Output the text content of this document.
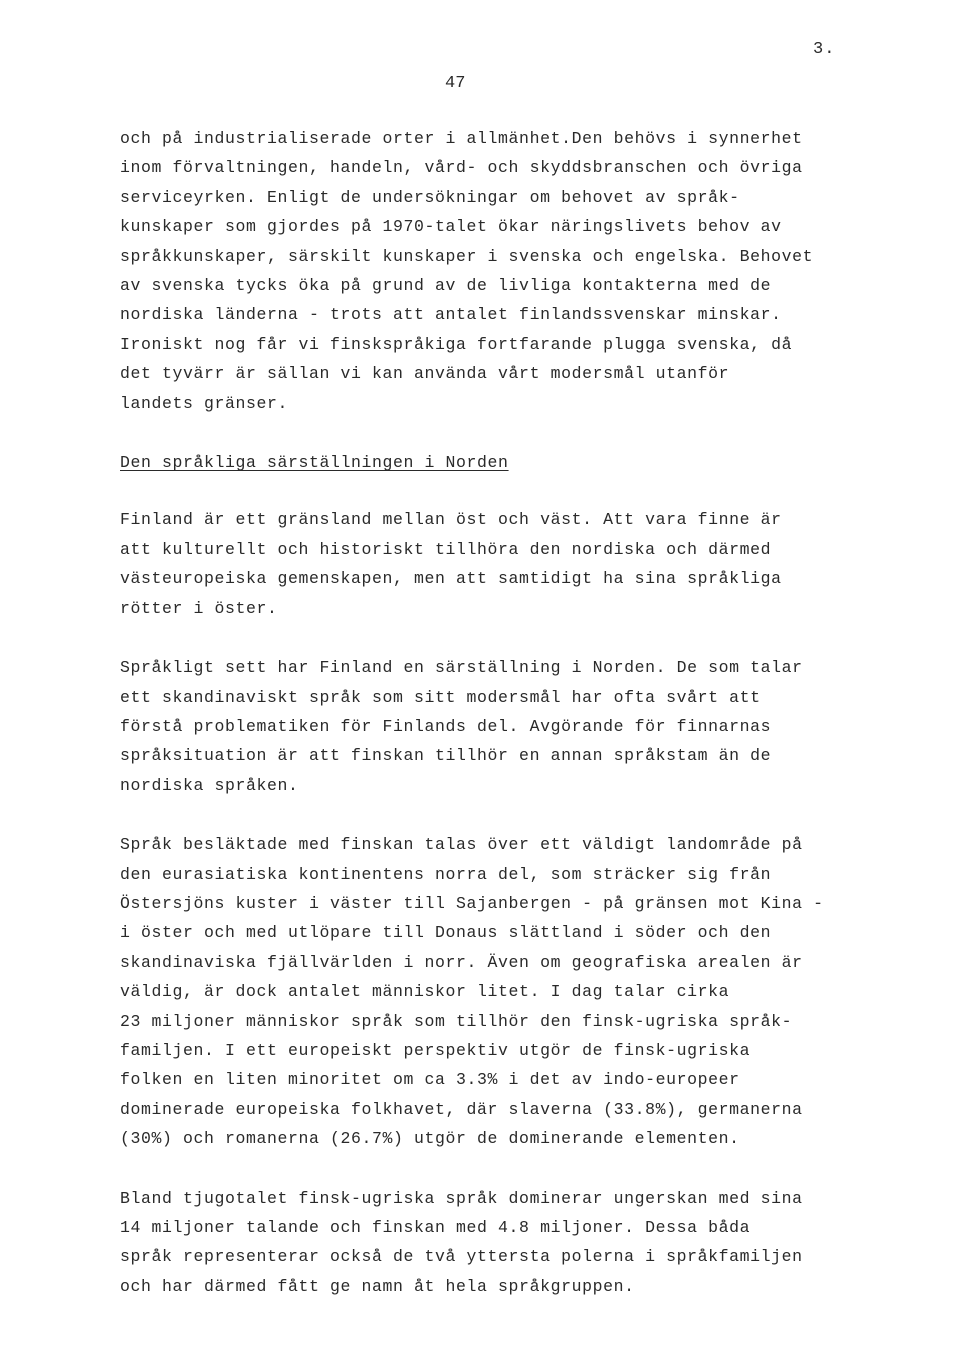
3.
47

och på industrialiserade orter i allmänhet.Den behövs i synnerhet
inom förvaltningen, handeln, vård- och skyddsbranschen och övriga
serviceyrken. Enligt de undersökningar om behovet av språk-
kunskaper som gjordes på 1970-talet ökar näringslivets behov av
språkkunskaper, särskilt kunskaper i svenska och engelska. Behovet
av svenska tycks öka på grund av de livliga kontakterna med de
nordiska länderna - trots att antalet finlandssvenskar minskar.
Ironiskt nog får vi finskspråkiga fortfarande plugga svenska, då
det tyvärr är sällan vi kan använda vårt modersmål utanför
landets gränser.

Den språkliga särställningen i Norden

Finland är ett gränsland mellan öst och väst. Att vara finne är
att kulturellt och historiskt tillhöra den nordiska och därmed
västeuropeiska gemenskapen, men att samtidigt ha sina språkliga
rötter i öster.

Språkligt sett har Finland en särställning i Norden. De som talar
ett skandinaviskt språk som sitt modersmål har ofta svårt att
förstå problematiken för Finlands del. Avgörande för finnarnas
språksituation är att finskan tillhör en annan språkstam än de
nordiska språken.

Språk besläktade med finskan talas över ett väldigt landområde på
den eurasiatiska kontinentens norra del, som sträcker sig från
Östersjöns kuster i väster till Sajanbergen - på gränsen mot Kina -
i öster och med utlöpare till Donaus slättland i söder och den
skandinaviska fjällvärlden i norr. Även om geografiska arealen är
väldig, är dock antalet människor litet. I dag talar cirka
23 miljoner människor språk som tillhör den finsk-ugriska språk-
familjen. I ett europeiskt perspektiv utgör de finsk-ugriska
folken en liten minoritet om ca 3.3% i det av indo-europeer
dominerade europeiska folkhavet, där slaverna (33.8%), germanerna
(30%) och romanerna (26.7%) utgör de dominerande elementen.

Bland tjugotalet finsk-ugriska språk dominerar ungerskan med sina
14 miljoner talande och finskan med 4.8 miljoner. Dessa båda
språk representerar också de två yttersta polerna i språkfamiljen
och har därmed fått ge namn åt hela språkgruppen.
